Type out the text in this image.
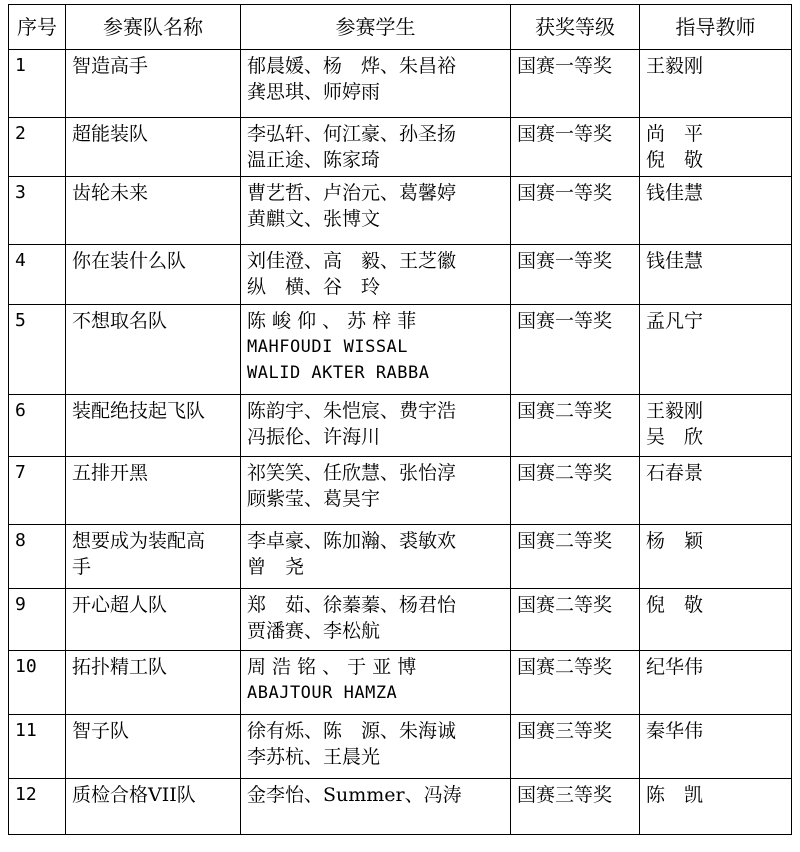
序号	参赛队名称	参赛学生	获奖等级	指导教师
1	智造高手	郁晨媛、杨　烨、朱昌裕
龚思琪、师婷雨	国赛一等奖	王毅刚

2	超能装队	李弘轩、何江豪、孙圣扬
温正途、陈家琦	国赛一等奖	尚　平
倪　敬

3	齿轮未来	曹艺哲、卢治元、葛馨婷
黄麒文、张博文	国赛一等奖	钱佳慧

4	你在装什么队	刘佳澄、高　毅、王芝徽
纵　横、谷　玲	国赛一等奖	钱佳慧

5	不想取名队	陈 峻 仰 、 苏 梓 菲
MAHFOUDI WISSAL
WALID AKTER RABBA	国赛一等奖	孟凡宁

6	装配绝技起飞队	陈韵宇、朱恺宸、费宇浩
冯振伦、许海川	国赛二等奖	王毅刚
吴　欣

7	五排开黑	祁笑笑、任欣慧、张怡淳
顾紫莹、葛昊宇	国赛二等奖	石春景

8	想要成为装配高
手	李卓豪、陈加瀚、裘敏欢
曾　尧	国赛二等奖	杨　颖

9	开心超人队	郑　茹、徐蓁蓁、杨君怡
贾潘赛、李松航	国赛二等奖	倪　敬

10	拓扑精工队	周 浩 铭 、 于 亚 博
ABAJTOUR HAMZA	国赛二等奖	纪华伟

11	智子队	徐有烁、陈　源、朱海诚
李苏杭、王晨光	国赛三等奖	秦华伟

12	质检合格VII队	金李怡、Summer、冯涛	国赛三等奖	陈　凯
